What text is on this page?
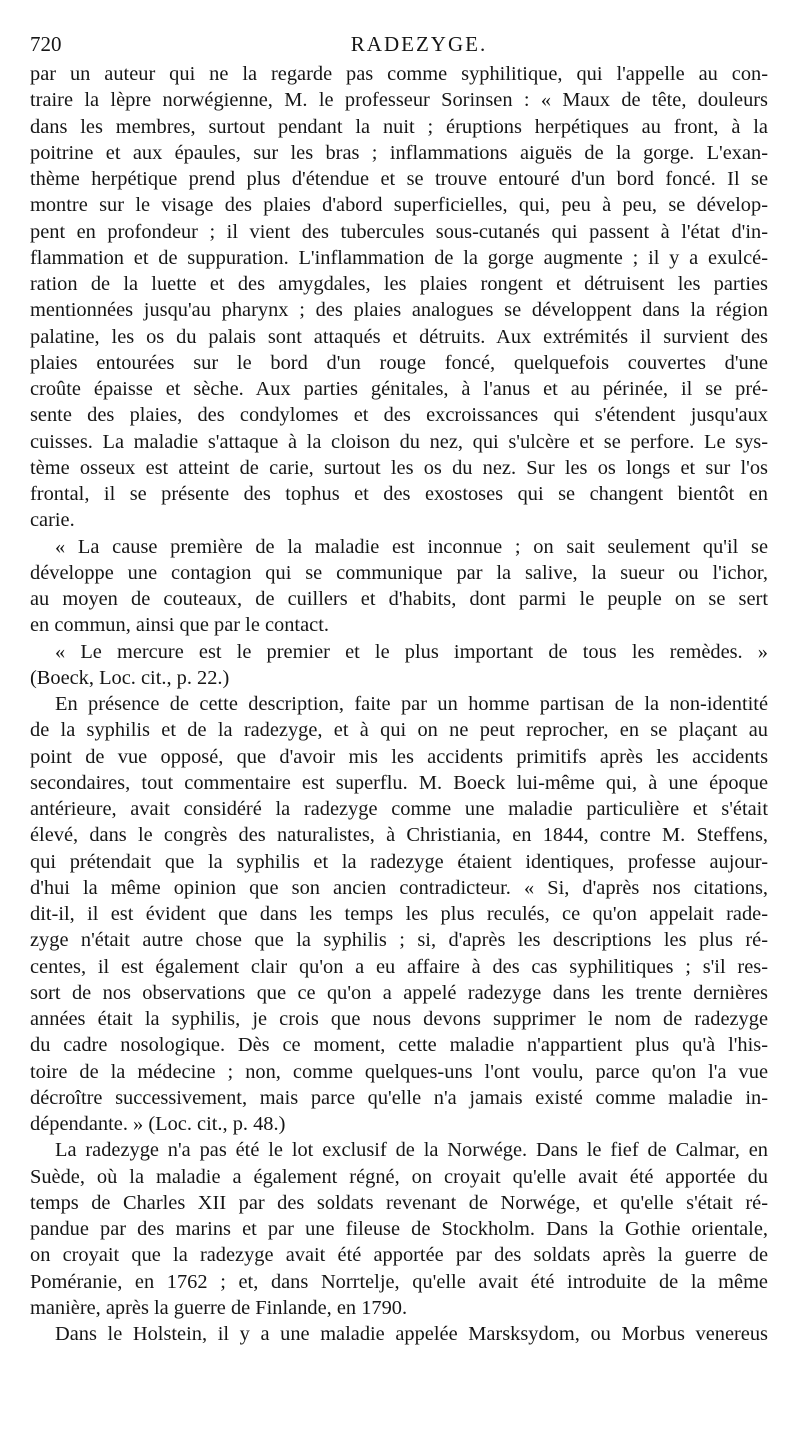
720	RADEZYGE.
par un auteur qui ne la regarde pas comme syphilitique, qui l'appelle au con-
traire la lèpre norwégienne, M. le professeur Sorinsen : « Maux de tête, douleurs
dans les membres, surtout pendant la nuit ; éruptions herpétiques au front, à la
poitrine et aux épaules, sur les bras ; inflammations aiguës de la gorge. L'exan-
thème herpétique prend plus d'étendue et se trouve entouré d'un bord foncé. Il se
montre sur le visage des plaies d'abord superficielles, qui, peu à peu, se dévelop-
pent en profondeur ; il vient des tubercules sous-cutanés qui passent à l'état d'in-
flammation et de suppuration. L'inflammation de la gorge augmente ; il y a exulcé-
ration de la luette et des amygdales, les plaies rongent et détruisent les parties
mentionnées jusqu'au pharynx ; des plaies analogues se développent dans la région
palatine, les os du palais sont attaqués et détruits. Aux extrémités il survient des
plaies entourées sur le bord d'un rouge foncé, quelquefois couvertes d'une
croûte épaisse et sèche. Aux parties génitales, à l'anus et au périnée, il se pré-
sente des plaies, des condylomes et des excroissances qui s'étendent jusqu'aux
cuisses. La maladie s'attaque à la cloison du nez, qui s'ulcère et se perfore. Le sys-
tème osseux est atteint de carie, surtout les os du nez. Sur les os longs et sur l'os
frontal, il se présente des tophus et des exostoses qui se changent bientôt en
carie.
« La cause première de la maladie est inconnue ; on sait seulement qu'il se
développe une contagion qui se communique par la salive, la sueur ou l'ichor,
au moyen de couteaux, de cuillers et d'habits, dont parmi le peuple on se sert
en commun, ainsi que par le contact.
« Le mercure est le premier et le plus important de tous les remèdes. »
(Boeck, Loc. cit., p. 22.)
En présence de cette description, faite par un homme partisan de la non-identité
de la syphilis et de la radezyge, et à qui on ne peut reprocher, en se plaçant au
point de vue opposé, que d'avoir mis les accidents primitifs après les accidents
secondaires, tout commentaire est superflu. M. Boeck lui-même qui, à une époque
antérieure, avait considéré la radezyge comme une maladie particulière et s'était
élevé, dans le congrès des naturalistes, à Christiania, en 1844, contre M. Steffens,
qui prétendait que la syphilis et la radezyge étaient identiques, professe aujour-
d'hui la même opinion que son ancien contradicteur. « Si, d'après nos citations,
dit-il, il est évident que dans les temps les plus reculés, ce qu'on appelait rade-
zyge n'était autre chose que la syphilis ; si, d'après les descriptions les plus ré-
centes, il est également clair qu'on a eu affaire à des cas syphilitiques ; s'il res-
sort de nos observations que ce qu'on a appelé radezyge dans les trente dernières
années était la syphilis, je crois que nous devons supprimer le nom de radezyge
du cadre nosologique. Dès ce moment, cette maladie n'appartient plus qu'à l'his-
toire de la médecine ; non, comme quelques-uns l'ont voulu, parce qu'on l'a vue
décroître successivement, mais parce qu'elle n'a jamais existé comme maladie in-
dépendante. » (Loc. cit., p. 48.)
La radezyge n'a pas été le lot exclusif de la Norwége. Dans le fief de Calmar, en
Suède, où la maladie a également régné, on croyait qu'elle avait été apportée du
temps de Charles XII par des soldats revenant de Norwége, et qu'elle s'était ré-
pandue par des marins et par une fileuse de Stockholm. Dans la Gothie orientale,
on croyait que la radezyge avait été apportée par des soldats après la guerre de
Poméranie, en 1762 ; et, dans Norrtelje, qu'elle avait été introduite de la même
manière, après la guerre de Finlande, en 1790.
Dans le Holstein, il y a une maladie appelée Marsksydom, ou Morbus venereus
